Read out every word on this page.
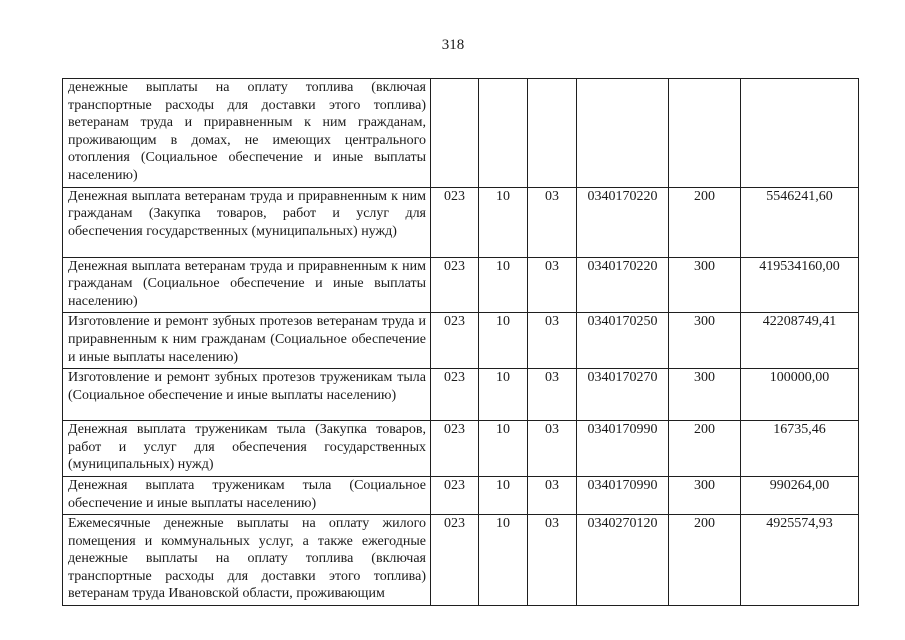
318
денежные выплаты на оплату топлива (включая транспортные расходы для доставки этого топлива) ветеранам труда и приравненным к ним гражданам, проживающим в домах, не имеющих центрального отопления (Социальное обеспечение и иные выплаты населению)						
Денежная выплата ветеранам труда и приравненным к ним гражданам (Закупка товаров, работ и услуг для обеспечения государственных (муниципальных) нужд)	023	10	03	0340170220	200	5546241,60
Денежная выплата ветеранам труда и приравненным к ним гражданам (Социальное обеспечение и иные выплаты населению)	023	10	03	0340170220	300	419534160,00
Изготовление и ремонт зубных протезов ветеранам труда и приравненным к ним гражданам (Социальное обеспечение и иные выплаты населению)	023	10	03	0340170250	300	42208749,41
Изготовление и ремонт зубных протезов труженикам тыла (Социальное обеспечение и иные выплаты населению)	023	10	03	0340170270	300	100000,00
Денежная выплата труженикам тыла (Закупка товаров, работ и услуг для обеспечения государственных (муниципальных) нужд)	023	10	03	0340170990	200	16735,46
Денежная выплата труженикам тыла (Социальное обеспечение и иные выплаты населению)	023	10	03	0340170990	300	990264,00
Ежемесячные денежные выплаты на оплату жилого помещения и коммунальных услуг, а также ежегодные денежные выплаты на оплату топлива (включая транспортные расходы для доставки этого топлива) ветеранам труда Ивановской области, проживающим	023	10	03	0340270120	200	4925574,93
